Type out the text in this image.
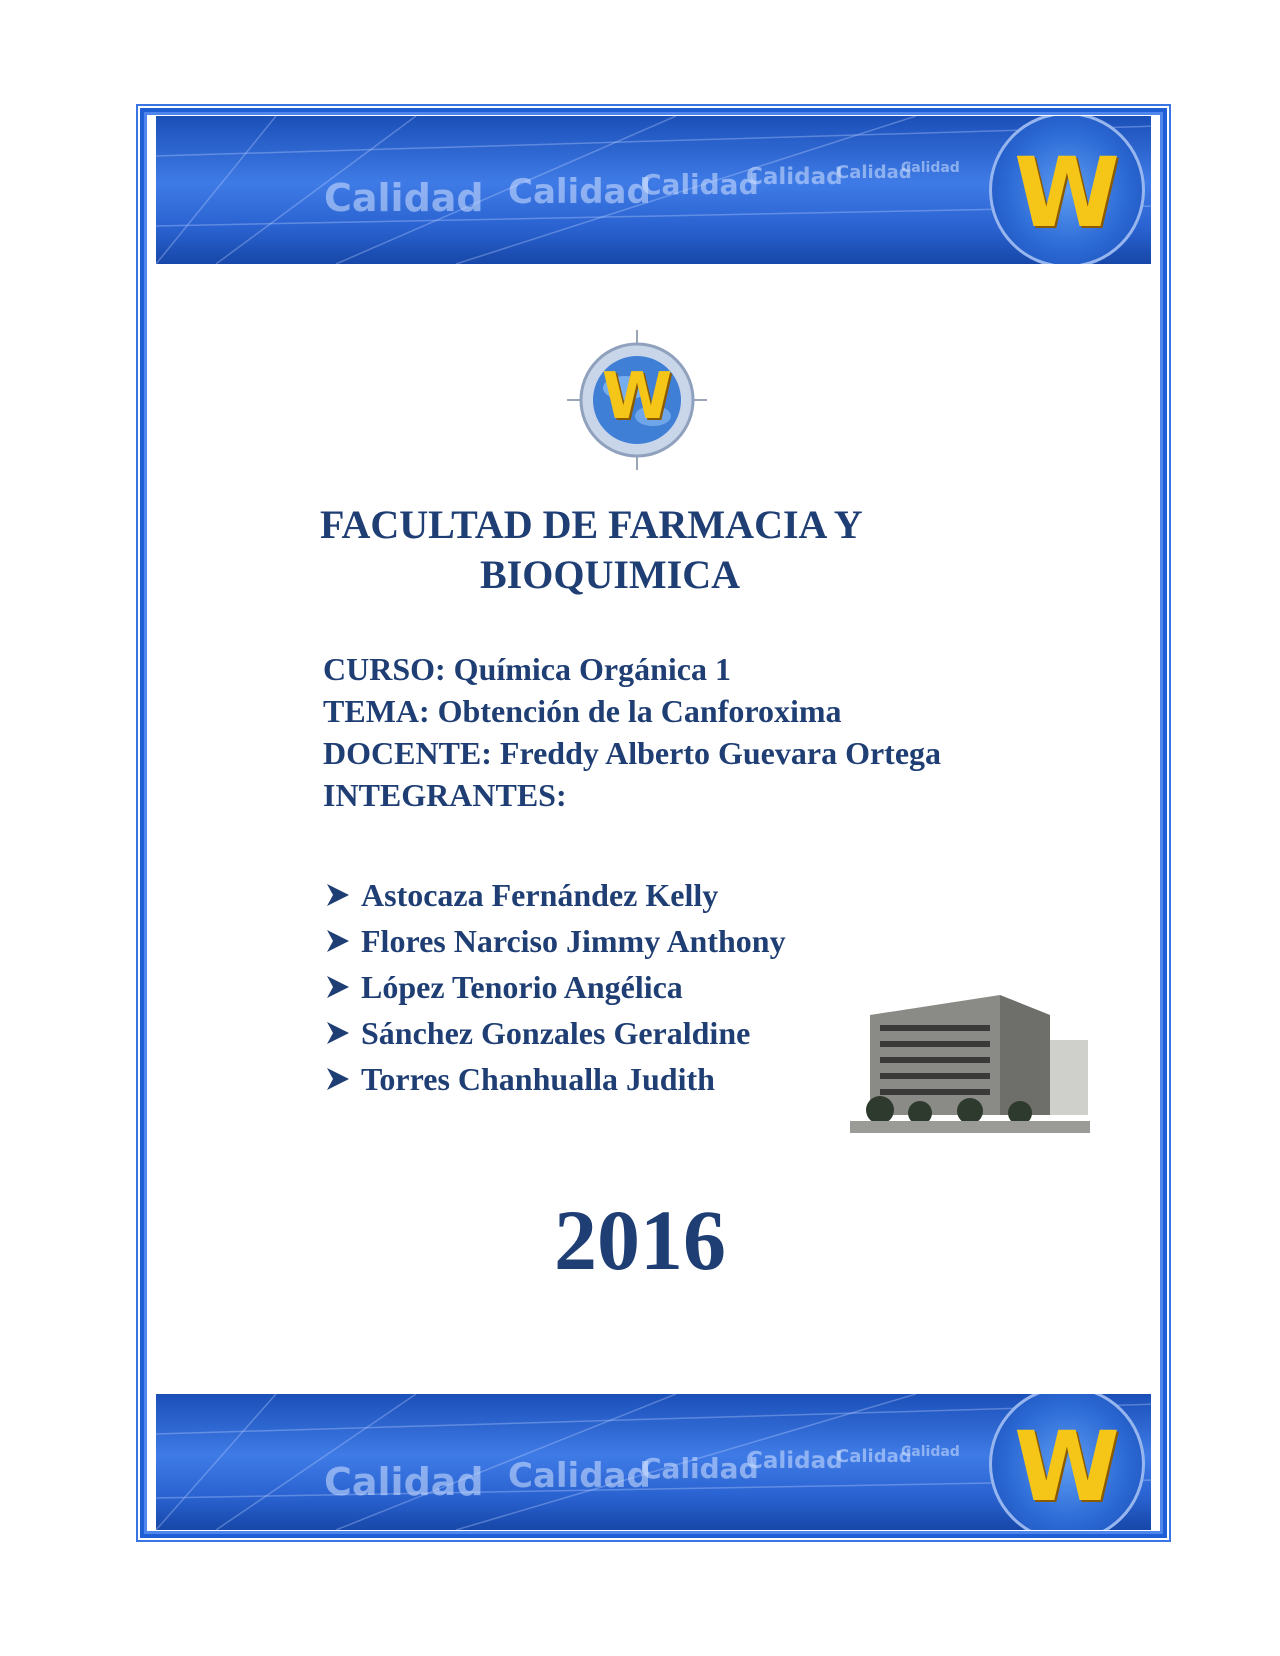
Calidad Calidad
Calidad
Calidad
Calidad
Calidad W
Calidad Calidad
Calidad
Calidad
Calidad
Calidad W
W
FACULTAD DE FARMACIA Y
BIOQUIMICA
CURSO: Química Orgánica 1
TEMA: Obtención de la Canforoxima
DOCENTE: Freddy Alberto Guevara Ortega
INTEGRANTES:
Astocaza Fernández Kelly
Flores Narciso Jimmy Anthony
López Tenorio Angélica
Sánchez Gonzales Geraldine
Torres Chanhualla Judith
2016
